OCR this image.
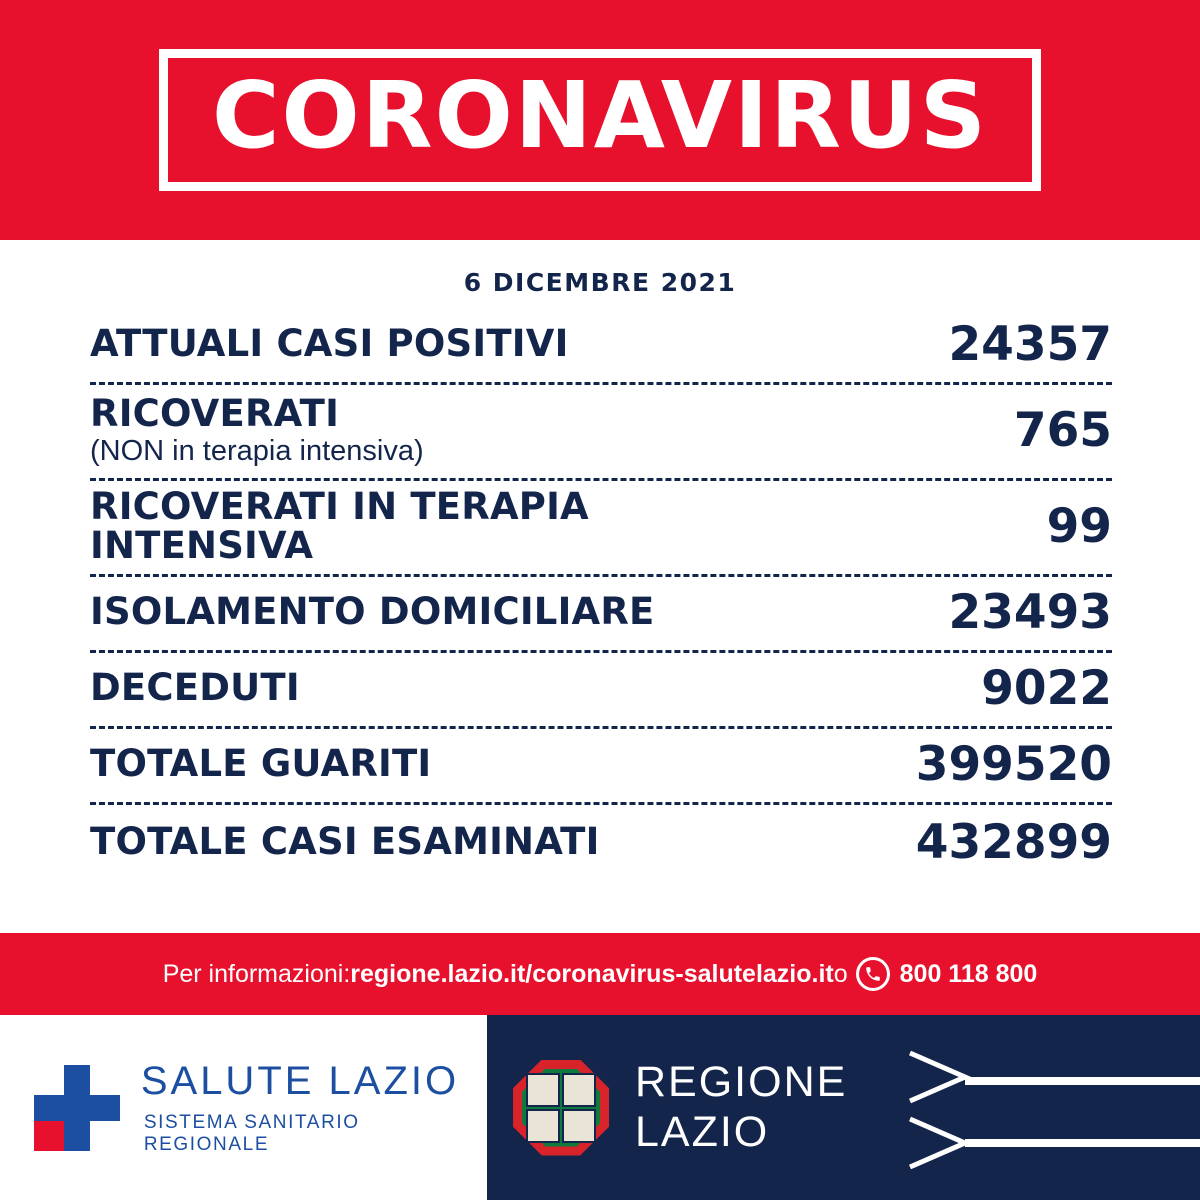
CORONAVIRUS
6 DICEMBRE 2021
ATTUALI CASI POSITIVI	24357
RICOVERATI
(NON in terapia intensiva)	765
RICOVERATI IN TERAPIA INTENSIVA	99
ISOLAMENTO DOMICILIARE	23493
DECEDUTI	9022
TOTALE GUARITI	399520
TOTALE CASI ESAMINATI	432899
Per informazioni: regione.lazio.it/coronavirus - salutelazio.it o 800 118 800
SALUTE LAZIO
SISTEMA SANITARIO REGIONALE
REGIONE
LAZIO
